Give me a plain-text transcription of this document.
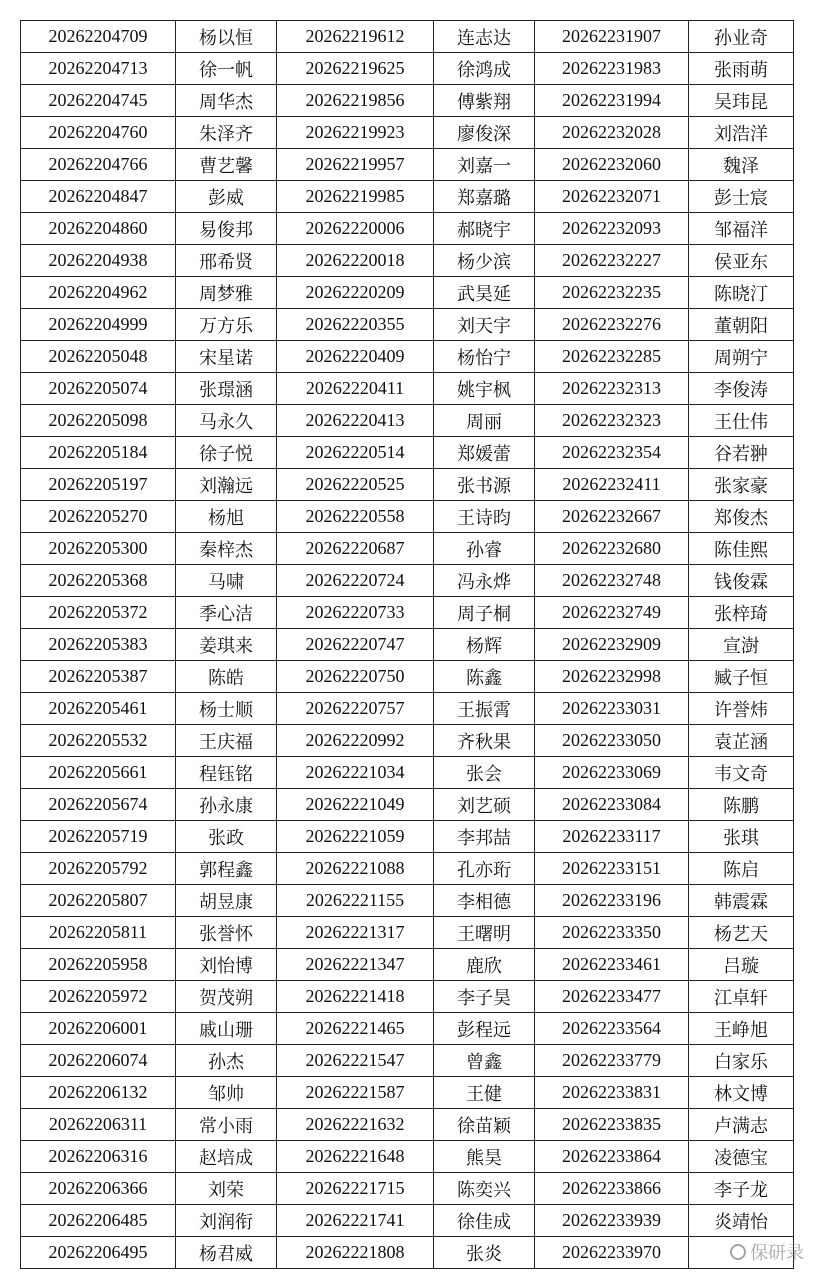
20262204709	杨以恒	20262219612	连志达	20262231907	孙业奇
20262204713	徐一帆	20262219625	徐鸿成	20262231983	张雨萌
20262204745	周华杰	20262219856	傅紫翔	20262231994	吴玮昆
20262204760	朱泽齐	20262219923	廖俊深	20262232028	刘浩洋
20262204766	曹艺馨	20262219957	刘嘉一	20262232060	魏泽
20262204847	彭威	20262219985	郑嘉璐	20262232071	彭士宸
20262204860	易俊邦	20262220006	郝晓宇	20262232093	邹福洋
20262204938	邢希贤	20262220018	杨少滨	20262232227	侯亚东
20262204962	周梦雅	20262220209	武昊延	20262232235	陈晓汀
20262204999	万方乐	20262220355	刘天宇	20262232276	董朝阳
20262205048	宋星诺	20262220409	杨怡宁	20262232285	周朔宁
20262205074	张璟涵	20262220411	姚宇枫	20262232313	李俊涛
20262205098	马永久	20262220413	周丽	20262232323	王仕伟
20262205184	徐子悦	20262220514	郑媛蕾	20262232354	谷若翀
20262205197	刘瀚远	20262220525	张书源	20262232411	张家豪
20262205270	杨旭	20262220558	王诗昀	20262232667	郑俊杰
20262205300	秦梓杰	20262220687	孙睿	20262232680	陈佳熙
20262205368	马啸	20262220724	冯永烨	20262232748	钱俊霖
20262205372	季心洁	20262220733	周子桐	20262232749	张梓琦
20262205383	姜琪来	20262220747	杨辉	20262232909	宣澍
20262205387	陈皓	20262220750	陈鑫	20262232998	臧子恒
20262205461	杨士顺	20262220757	王振霄	20262233031	许誉炜
20262205532	王庆福	20262220992	齐秋果	20262233050	袁芷涵
20262205661	程钰铭	20262221034	张会	20262233069	韦文奇
20262205674	孙永康	20262221049	刘艺硕	20262233084	陈鹏
20262205719	张政	20262221059	李邦喆	20262233117	张琪
20262205792	郭程鑫	20262221088	孔亦珩	20262233151	陈启
20262205807	胡昱康	20262221155	李相德	20262233196	韩震霖
20262205811	张誉怀	20262221317	王曙明	20262233350	杨艺天
20262205958	刘怡博	20262221347	鹿欣	20262233461	吕璇
20262205972	贺茂朔	20262221418	李子昊	20262233477	江卓轩
20262206001	戚山珊	20262221465	彭程远	20262233564	王峥旭
20262206074	孙杰	20262221547	曾鑫	20262233779	白家乐
20262206132	邹帅	20262221587	王健	20262233831	林文博
20262206311	常小雨	20262221632	徐苗颖	20262233835	卢满志
20262206316	赵培成	20262221648	熊昊	20262233864	凌德宝
20262206366	刘荣	20262221715	陈奕兴	20262233866	李子龙
20262206485	刘润衔	20262221741	徐佳成	20262233939	炎靖怡
20262206495	杨君威	20262221808	张炎	20262233970		保研录
